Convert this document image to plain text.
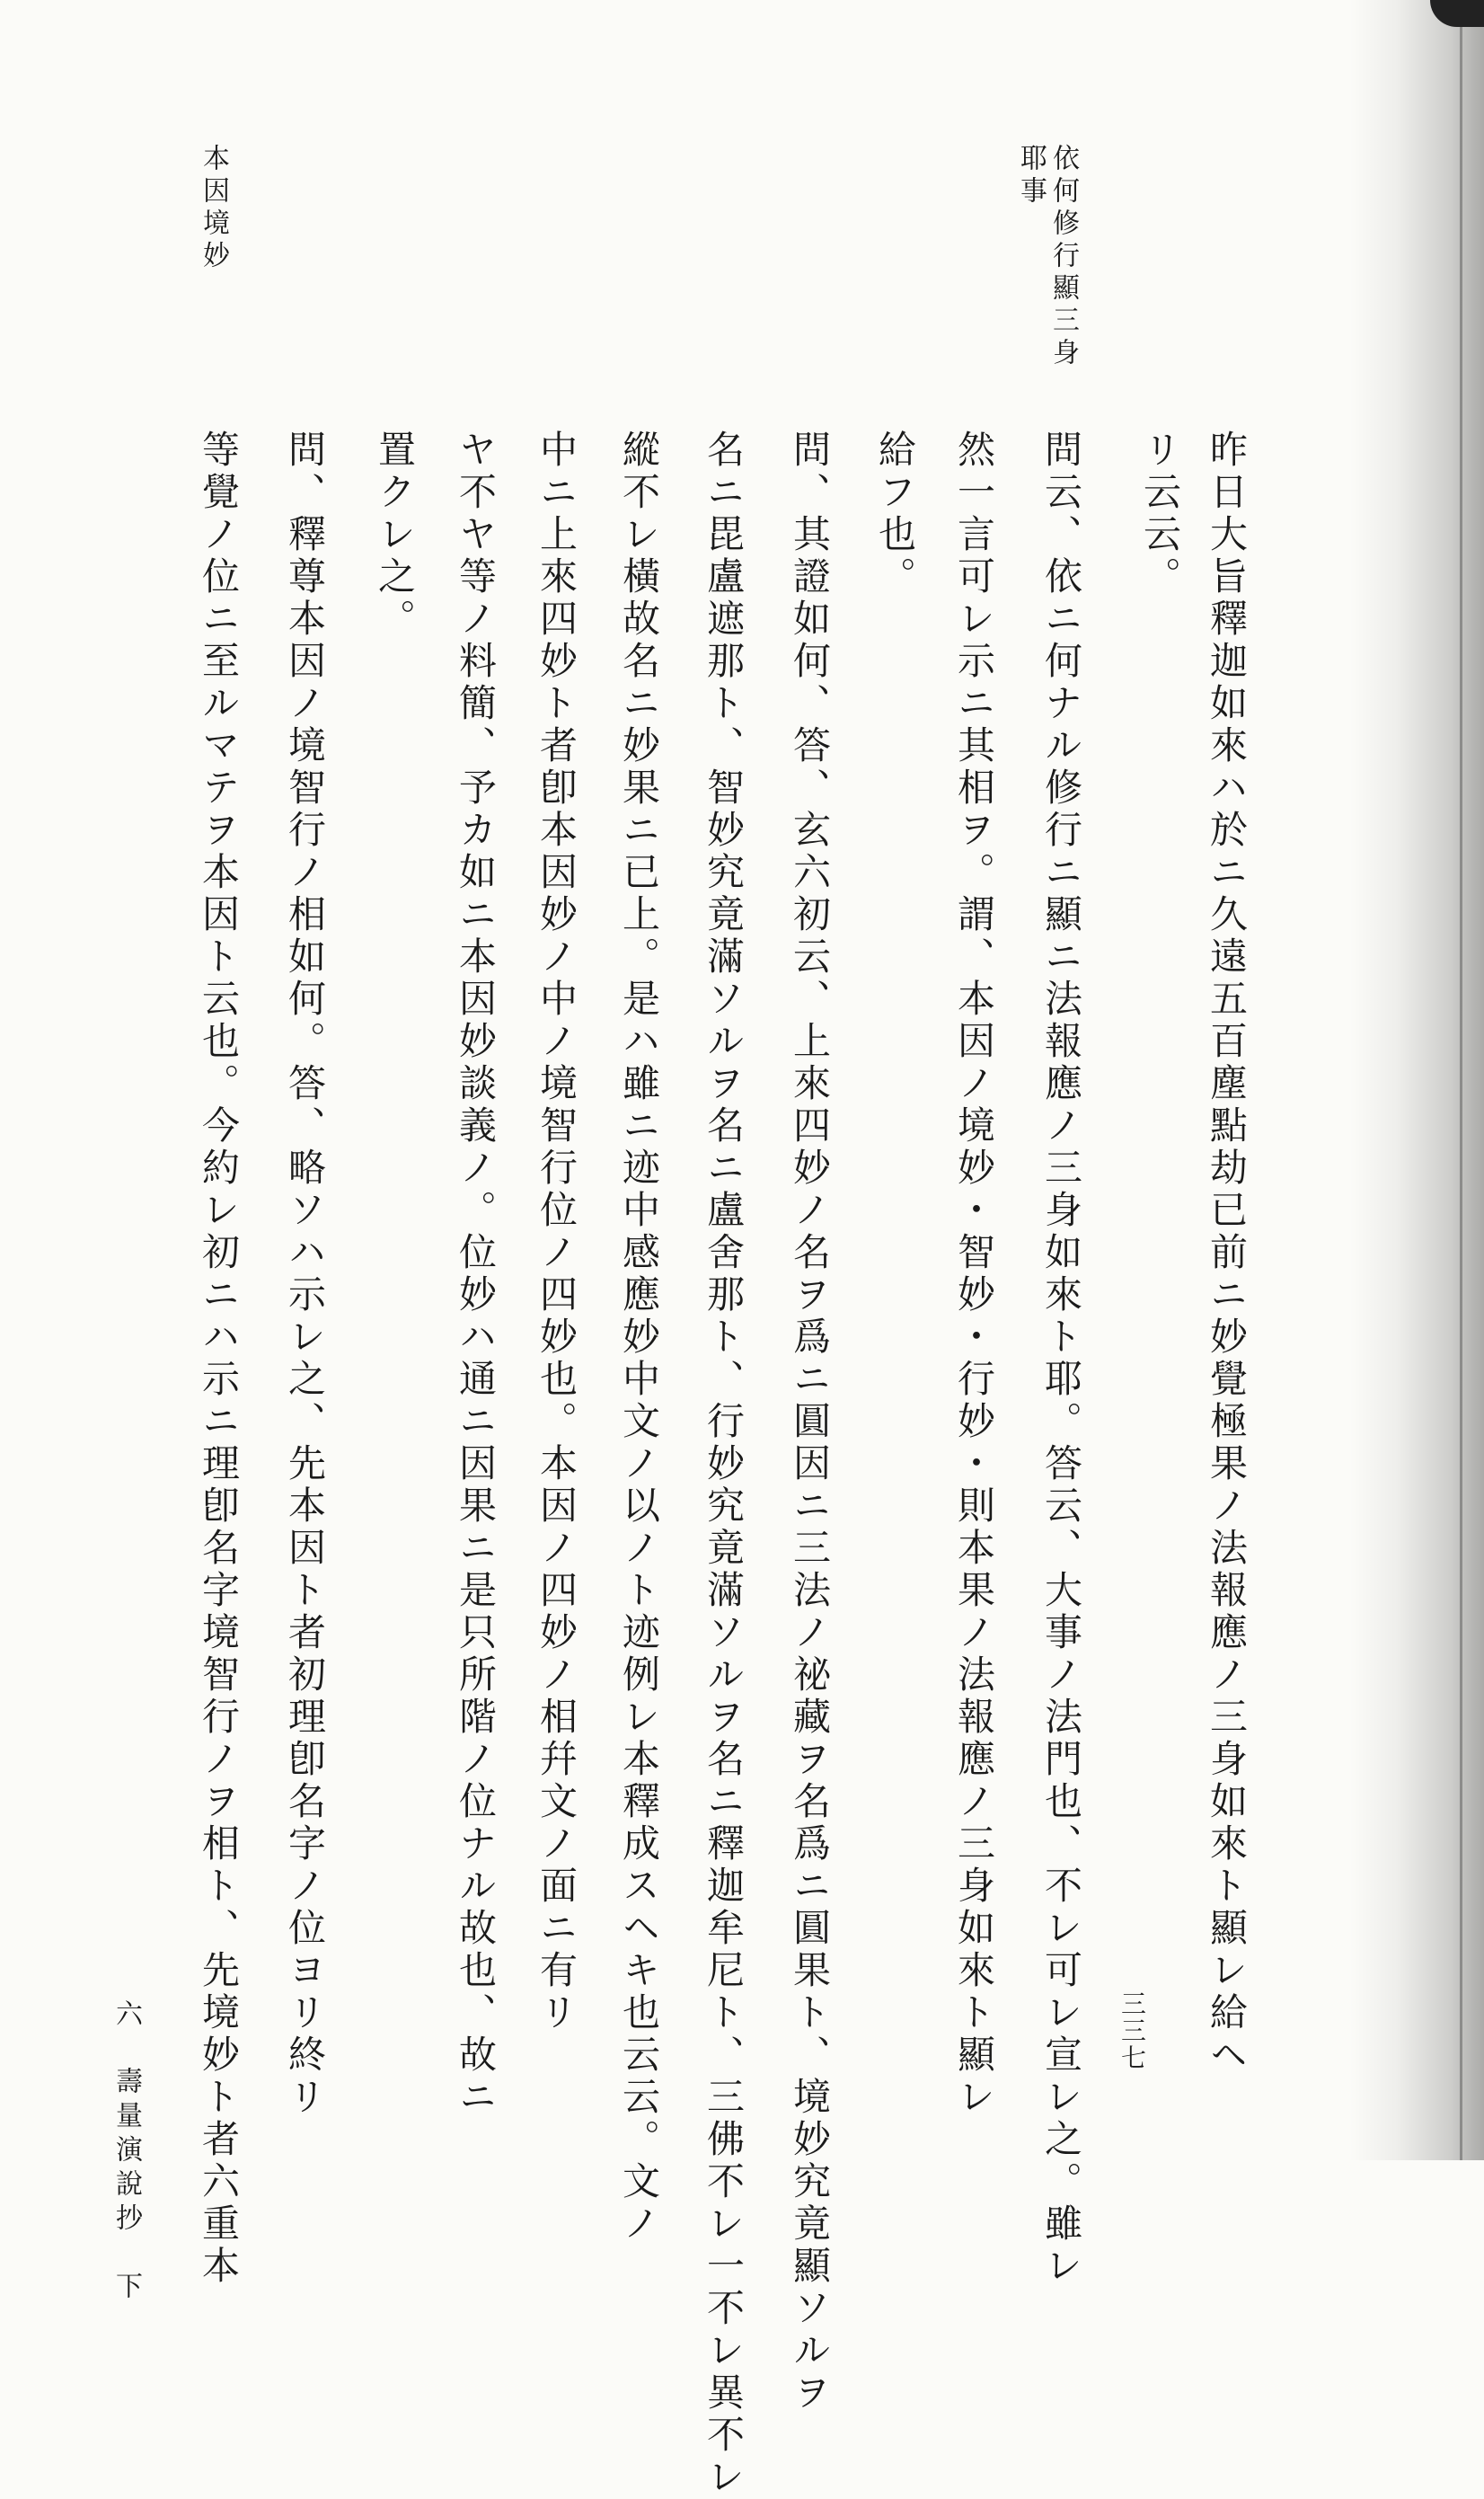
依何修行顯三身

耶事

本因境妙

昨日大旨釋迦如來ハ於ニ久遠五百塵點劫已前ニ妙覺極果ノ法報應ノ三身如來ト顯レ給ヘ

リ云云。

問云、依ニ何ナル修行ニ顯ニ法報應ノ三身如來ト耶。答云、大事ノ法門也、不レ可レ宣レ之。雖レ

然一言可レ示ニ其相ヲ。謂、本因ノ境妙・智妙・行妙・則本果ノ法報應ノ三身如來ト顯レ

給フ也。

問、其證如何、答、玄六初云、上來四妙ノ名ヲ爲ニ圓因ニ三法ノ祕藏ヲ名爲ニ圓果ト、境妙究竟顯ソルヲ

名ニ毘盧遮那ト、智妙究竟滿ソルヲ名ニ盧舍那ト、行妙究竟滿ソルヲ名ニ釋迦牟尼ト、三佛不レ一不レ異不レ

縱不レ橫故名ニ妙果ニ已上。是ハ雖ニ迹中感應妙中文ノ以ノト迹例レ本釋成スヘキ也云云。文ノ

中ニ上來四妙ト者卽本因妙ノ中ノ境智行位ノ四妙也。本因ノ四妙ノ相幷文ノ面ニ有リ

ヤ不ヤ等ノ料簡、予カ如ニ本因妙談義ノ。位妙ハ通ニ因果ニ是只所階ノ位ナル故也、故ニ

置クレ之。

問、釋尊本因ノ境智行ノ相如何。答、略ソハ示レ之、先本因ト者初理卽名字ノ位ヨリ終リ

等覺ノ位ニ至ルマテヲ本因ト云也。今約レ初ニハ示ニ理卽名字境智行ノヲ相ト、先境妙ト者六重本

六

壽量演說抄　下

三三七
